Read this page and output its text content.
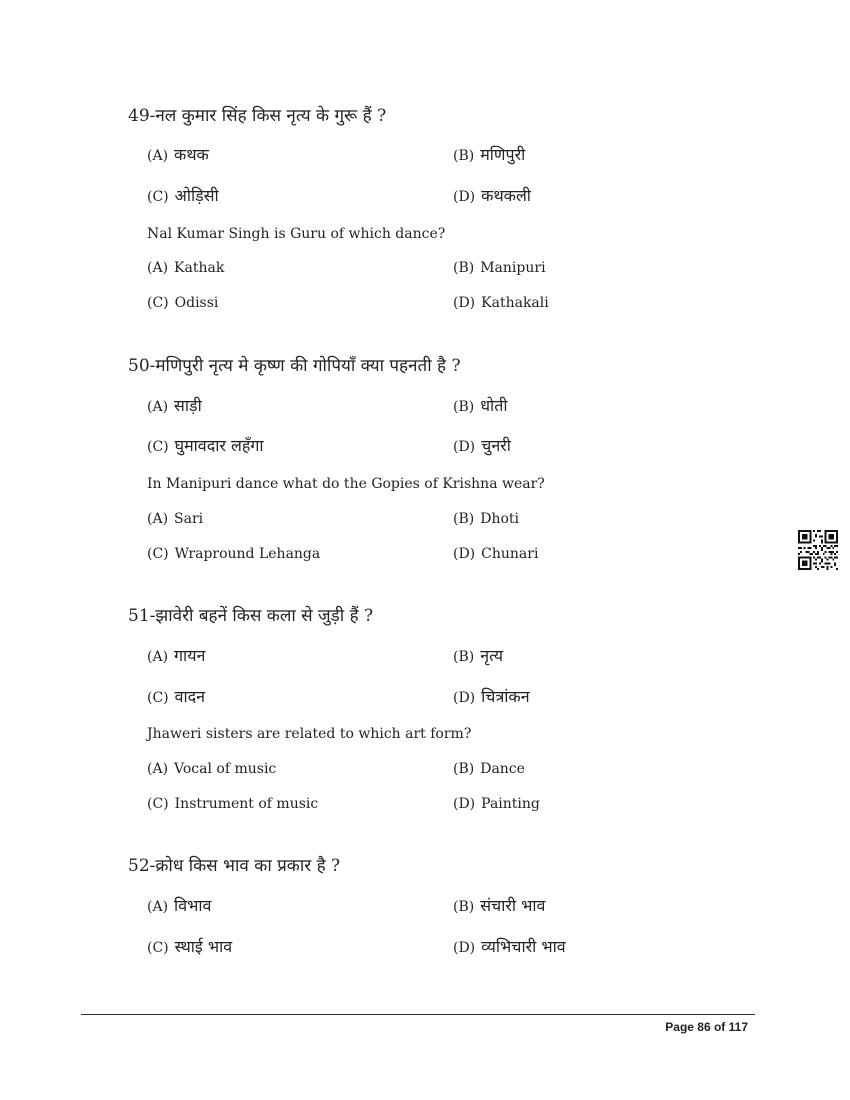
49-नल कुमार सिंह किस नृत्य के गुरू हैं ?
(A) कथक	(B) मणिपुरी
(C) ओड़िसी	(D) कथकली
Nal Kumar Singh is Guru of which dance?
(A) Kathak	(B) Manipuri
(C) Odissi	(D) Kathakali
50-मणिपुरी नृत्य मे कृष्ण की गोपियाँ क्या पहनती है ?
(A) साड़ी	(B) धोती
(C) घुमावदार लहँगा	(D) चुनरी
In Manipuri dance what do the Gopies of Krishna wear?
(A) Sari	(B) Dhoti
(C) Wrapround Lehanga	(D) Chunari
51-झावेरी बहनें किस कला से जुड़ी हैं ?
(A) गायन	(B) नृत्य
(C) वादन	(D) चित्रांकन
Jhaweri sisters are related to which art form?
(A) Vocal of music	(B) Dance
(C) Instrument of music	(D) Painting
52-क्रोध किस भाव का प्रकार है ?
(A) विभाव	(B) संचारी भाव
(C) स्थाई भाव	(D) व्यभिचारी भाव
Page 86 of 117
